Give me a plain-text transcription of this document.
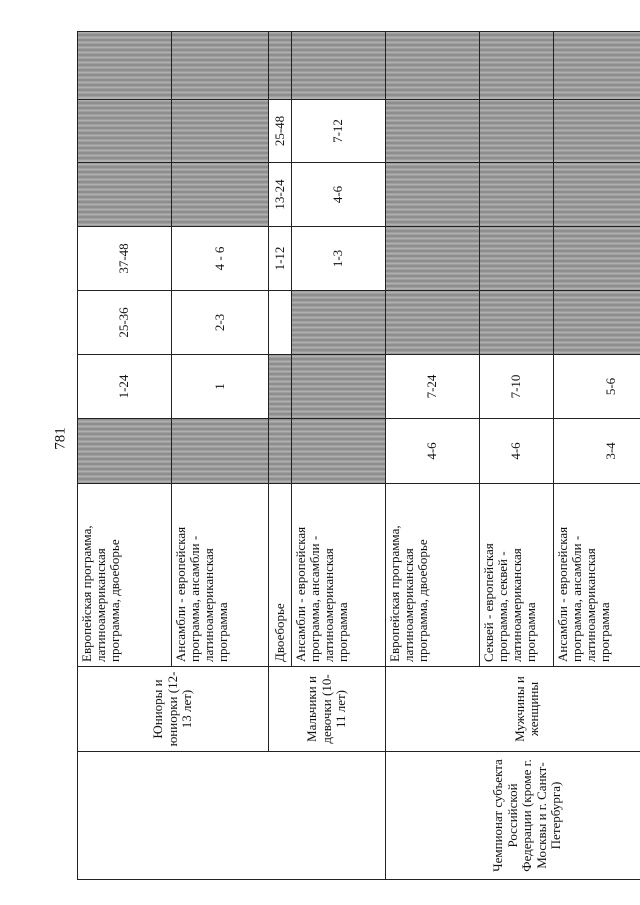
781
	Юниоры и юниорки (12-13 лет)	Европейская программа, латиноамериканская программа, двоеборье		1-24	25-36	37-48			
		Ансамбли - европейская программа, ансамбли - латиноамериканская программа		1	2-3	4 - 6			
	Мальчики и девочки (10-11 лет)	Двоеборье				1-12	13-24	25-48	
		Ансамбли - европейская программа, ансамбли - латиноамериканская программа				1-3	4-6	7-12	
Чемпионат субъекта Российской Федерации (кроме г. Москвы и г. Санкт-Петербурга)	Мужчины и женщины	Европейская программа, латиноамериканская программа, двоеборье	4-6	7-24					
		Секвей - европейская программа, секвей - латиноамериканская программа	4-6	7-10					
		Ансамбли - европейская программа, ансамбли - латиноамериканская программа	3-4	5-6					
